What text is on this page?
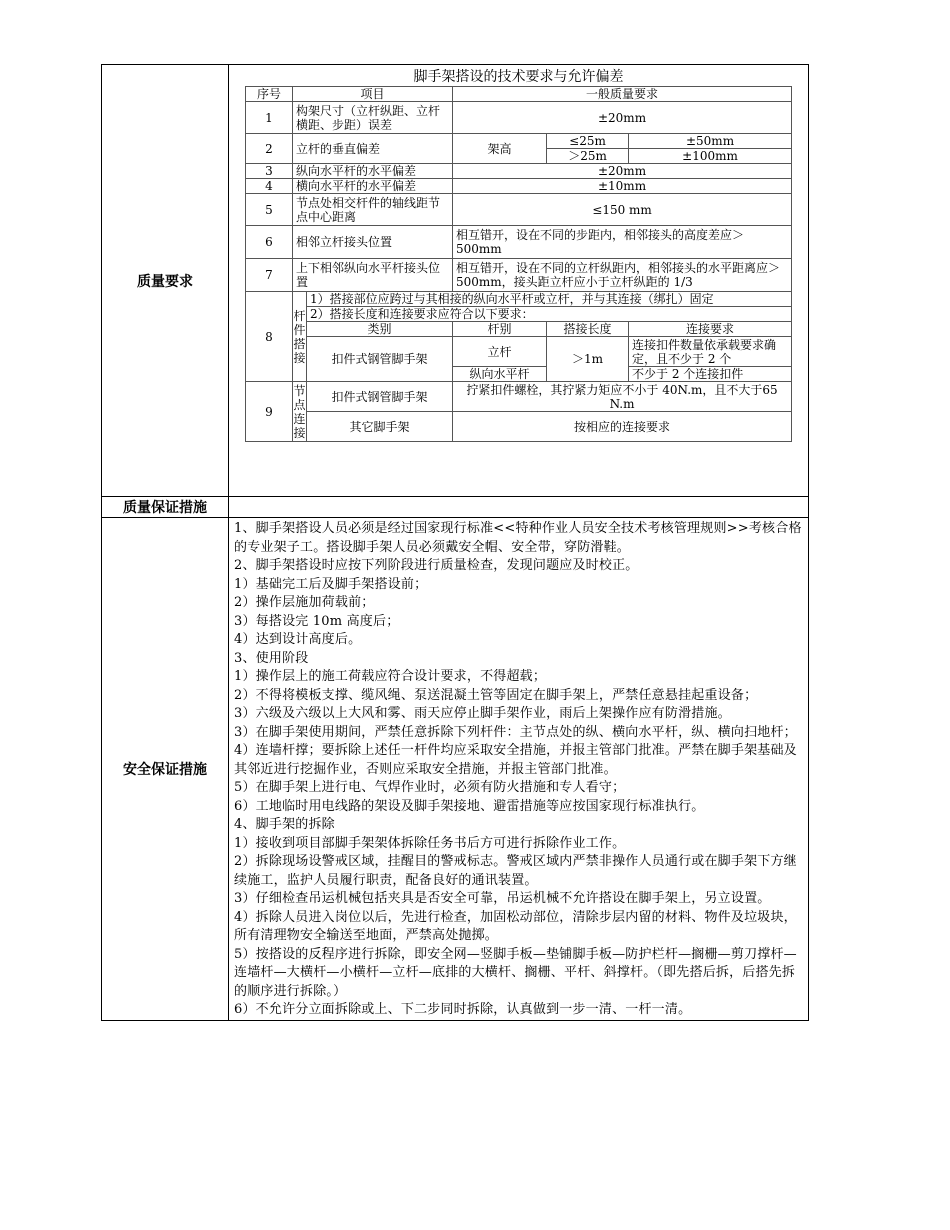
质量要求	
脚手架搭设的技术要求与允许偏差
序号	项目	一般质量要求
1	构架尺寸（立杆纵距、立杆横距、步距）误差	±20mm
2	立杆的垂直偏差	架高	≤25m	±50mm
＞25m	±100mm
3	纵向水平杆的水平偏差	±20mm
4	横向水平杆的水平偏差	±10mm
5	节点处相交杆件的轴线距节点中心距离	≤150 mm
6	相邻立杆接头位置	相互错开，设在不同的步距内，相邻接头的高度差应＞500mm
7	上下相邻纵向水平杆接头位置	相互错开，设在不同的立杆纵距内，相邻接头的水平距离应＞500mm，接头距立杆应小于立杆纵距的 1/3
8	杆件搭接	1）搭接部位应跨过与其相接的纵向水平杆或立杆，并与其连接（绑扎）固定
2）搭接长度和连接要求应符合以下要求：
类别	杆别	搭接长度	连接要求
扣件式钢管脚手架	立杆	＞1m	连接扣件数量依承载要求确定，且不少于 2 个
纵向水平杆	不少于 2 个连接扣件
9	节点连接	扣件式钢管脚手架	拧紧扣件螺栓，其拧紧力矩应不小于 40N.m，且不大于65 N.m
其它脚手架	按相应的连接要求

质量保证措施	
安全保证措施	

1、脚手架搭设人员必须是经过国家现行标准<<特种作业人员安全技术考核管理规则>>考核合格的专业架子工。搭设脚手架人员必须戴安全帽、安全带，穿防滑鞋。

2、脚手架搭设时应按下列阶段进行质量检查，发现问题应及时校正。

1）基础完工后及脚手架搭设前；

2）操作层施加荷载前；

3）每搭设完 10m 高度后；

4）达到设计高度后。

3、使用阶段

1）操作层上的施工荷载应符合设计要求，不得超载；

2）不得将模板支撑、缆风绳、泵送混凝土管等固定在脚手架上，严禁任意悬挂起重设备；

3）六级及六级以上大风和雾、雨天应停止脚手架作业，雨后上架操作应有防滑措施。

3）在脚手架使用期间，严禁任意拆除下列杆件：主节点处的纵、横向水平杆，纵、横向扫地杆；

4）连墙杆撑；要拆除上述任一杆件均应采取安全措施，并报主管部门批准。严禁在脚手架基础及其邻近进行挖掘作业，否则应采取安全措施，并报主管部门批准。

5）在脚手架上进行电、气焊作业时，必须有防火措施和专人看守；

6）工地临时用电线路的架设及脚手架接地、避雷措施等应按国家现行标准执行。

4、脚手架的拆除

1）接收到项目部脚手架架体拆除任务书后方可进行拆除作业工作。

2）拆除现场设警戒区域，挂醒目的警戒标志。警戒区域内严禁非操作人员通行或在脚手架下方继续施工，监护人员履行职责，配备良好的通讯装置。

3）仔细检查吊运机械包括夹具是否安全可靠，吊运机械不允许搭设在脚手架上，另立设置。

4）拆除人员进入岗位以后，先进行检查，加固松动部位，清除步层内留的材料、物件及垃圾块，所有清理物安全输送至地面，严禁高处抛掷。

5）按搭设的反程序进行拆除，即安全网—竖脚手板—垫铺脚手板—防护栏杆—搁栅—剪刀撑杆—连墙杆—大横杆—小横杆—立杆—底排的大横杆、搁栅、平杆、斜撑杆。（即先搭后拆，后搭先拆的顺序进行拆除。）

6）不允许分立面拆除或上、下二步同时拆除，认真做到一步一清、一杆一清。
